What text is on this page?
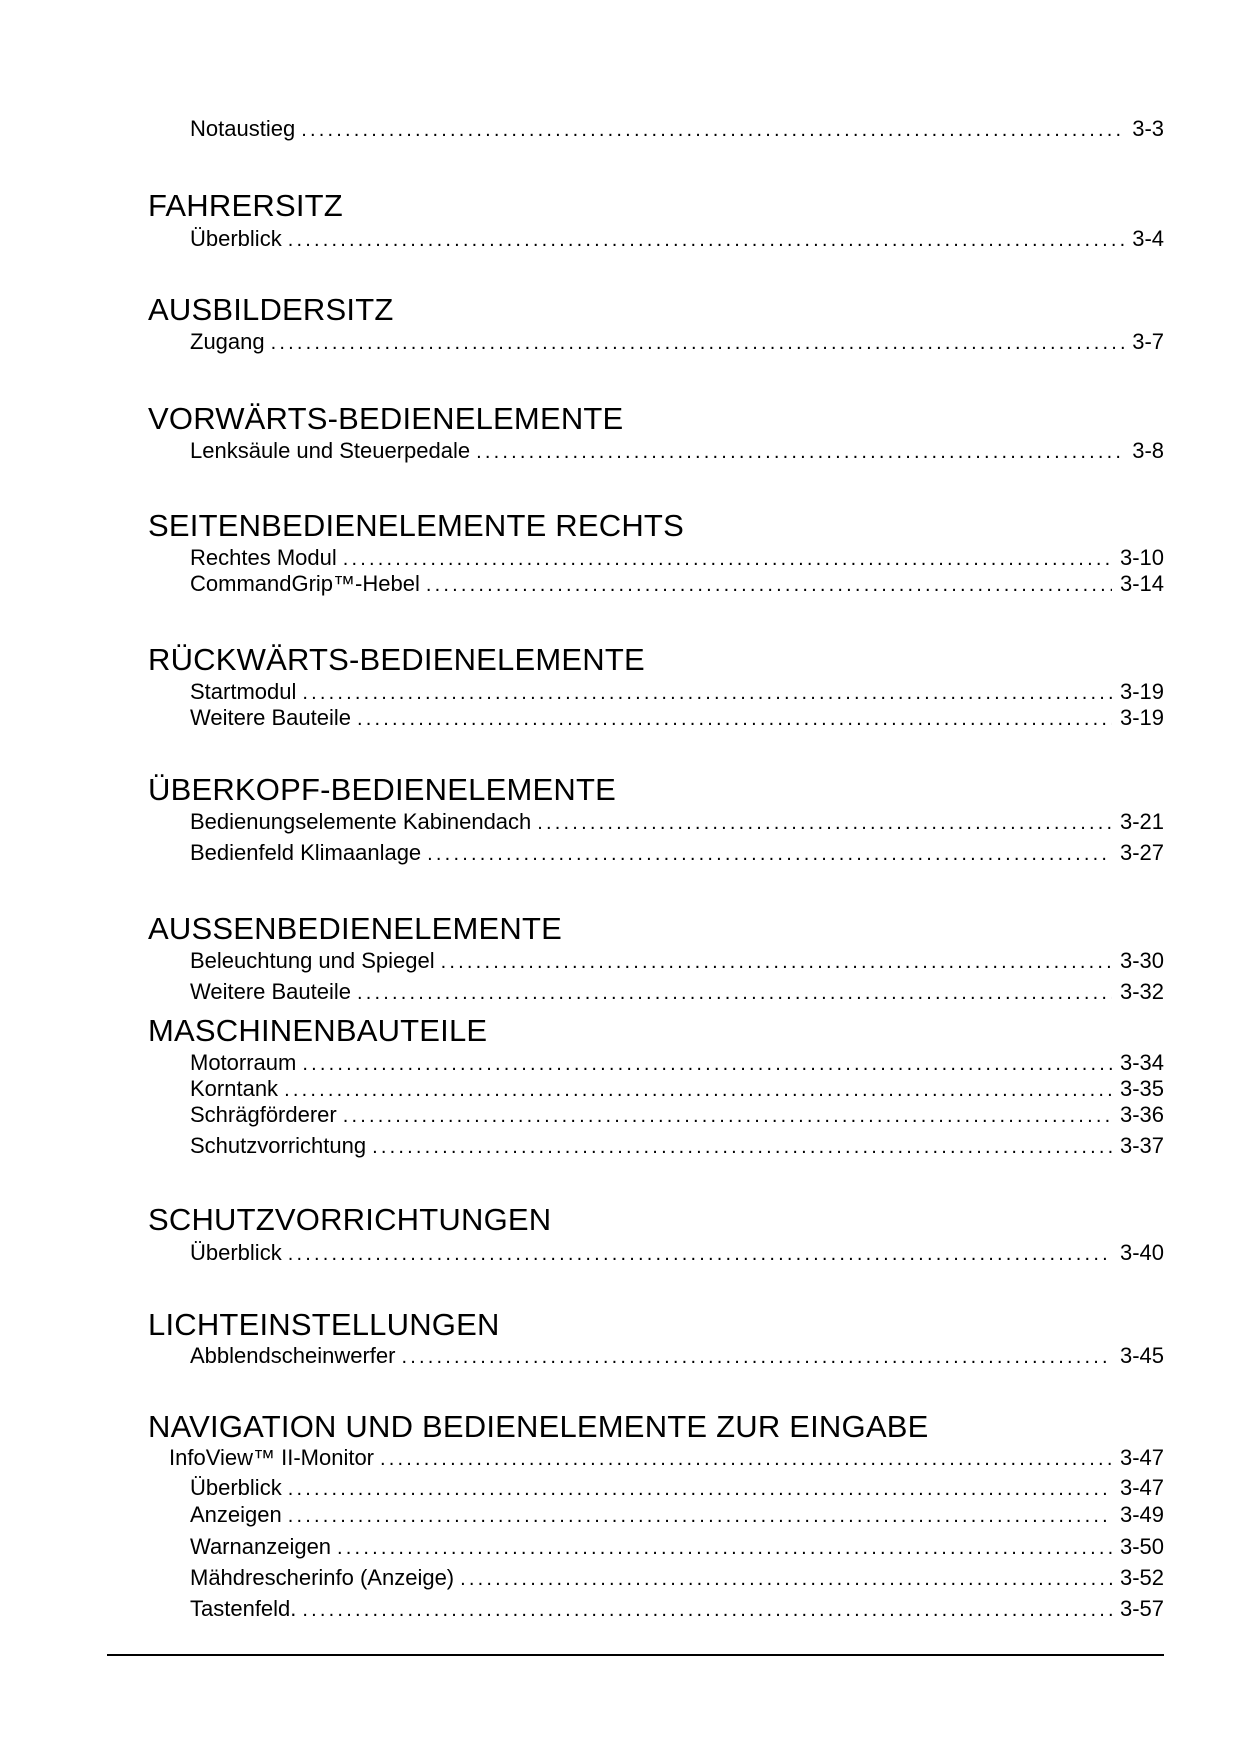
Notaustieg .....	3-3
FAHRERSITZ
Überblick .....	3-4
AUSBILDERSITZ
Zugang .....	3-7
VORWÄRTS-BEDIENELEMENTE
Lenksäule und Steuerpedale .....	3-8
SEITENBEDIENELEMENTE RECHTS
Rechtes Modul .....	3-10
CommandGrip™-Hebel .....	3-14
RÜCKWÄRTS-BEDIENELEMENTE
Startmodul .....	3-19
Weitere Bauteile .....	3-19
ÜBERKOPF-BEDIENELEMENTE
Bedienungselemente Kabinendach .....	3-21
Bedienfeld Klimaanlage .....	3-27
AUSSENBEDIENELEMENTE
Beleuchtung und Spiegel .....	3-30
Weitere Bauteile .....	3-32
MASCHINENBAUTEILE
Motorraum .....	3-34
Korntank .....	3-35
Schrägförderer .....	3-36
Schutzvorrichtung .....	3-37
SCHUTZVORRICHTUNGEN
Überblick .....	3-40
LICHTEINSTELLUNGEN
Abblendscheinwerfer .....	3-45
NAVIGATION UND BEDIENELEMENTE ZUR EINGABE
InfoView™ II-Monitor .....	3-47
Überblick .....	3-47
Anzeigen .....	3-49
Warnanzeigen .....	3-50
Mähdrescherinfo (Anzeige) .....	3-52
Tastenfeld. .....	3-57
